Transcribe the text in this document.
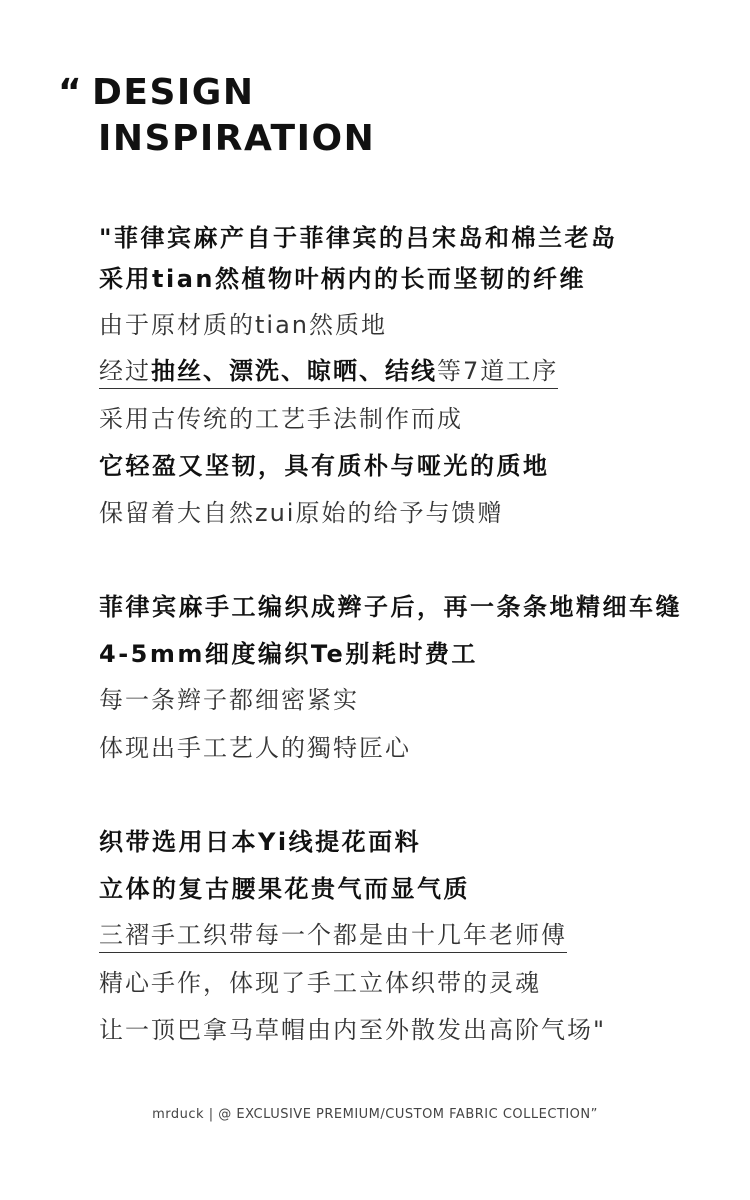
“ DESIGN
INSPIRATION
"菲律宾麻产自于菲律宾的吕宋岛和棉兰老岛
采用tian然植物叶柄内的长而坚韧的纤维
由于原材质的tian然质地
经过抽丝、漂洗、晾晒、结线等7道工序
采用古传统的工艺手法制作而成
它轻盈又坚韧，具有质朴与哑光的质地
保留着大自然zui原始的给予与馈赠
菲律宾麻手工编织成辫子后，再一条条地精细车缝
4-5mm细度编织Te别耗时费工
每一条辫子都细密紧实
体现出手工艺人的獨特匠心
织带选用日本Yi线提花面料
立体的复古腰果花贵气而显气质
三褶手工织带每一个都是由十几年老师傅
精心手作，体现了手工立体织带的灵魂
让一顶巴拿马草帽由内至外散发出高阶气场"
mrduck | @ EXCLUSIVE PREMIUM/CUSTOM FABRIC COLLECTION”
